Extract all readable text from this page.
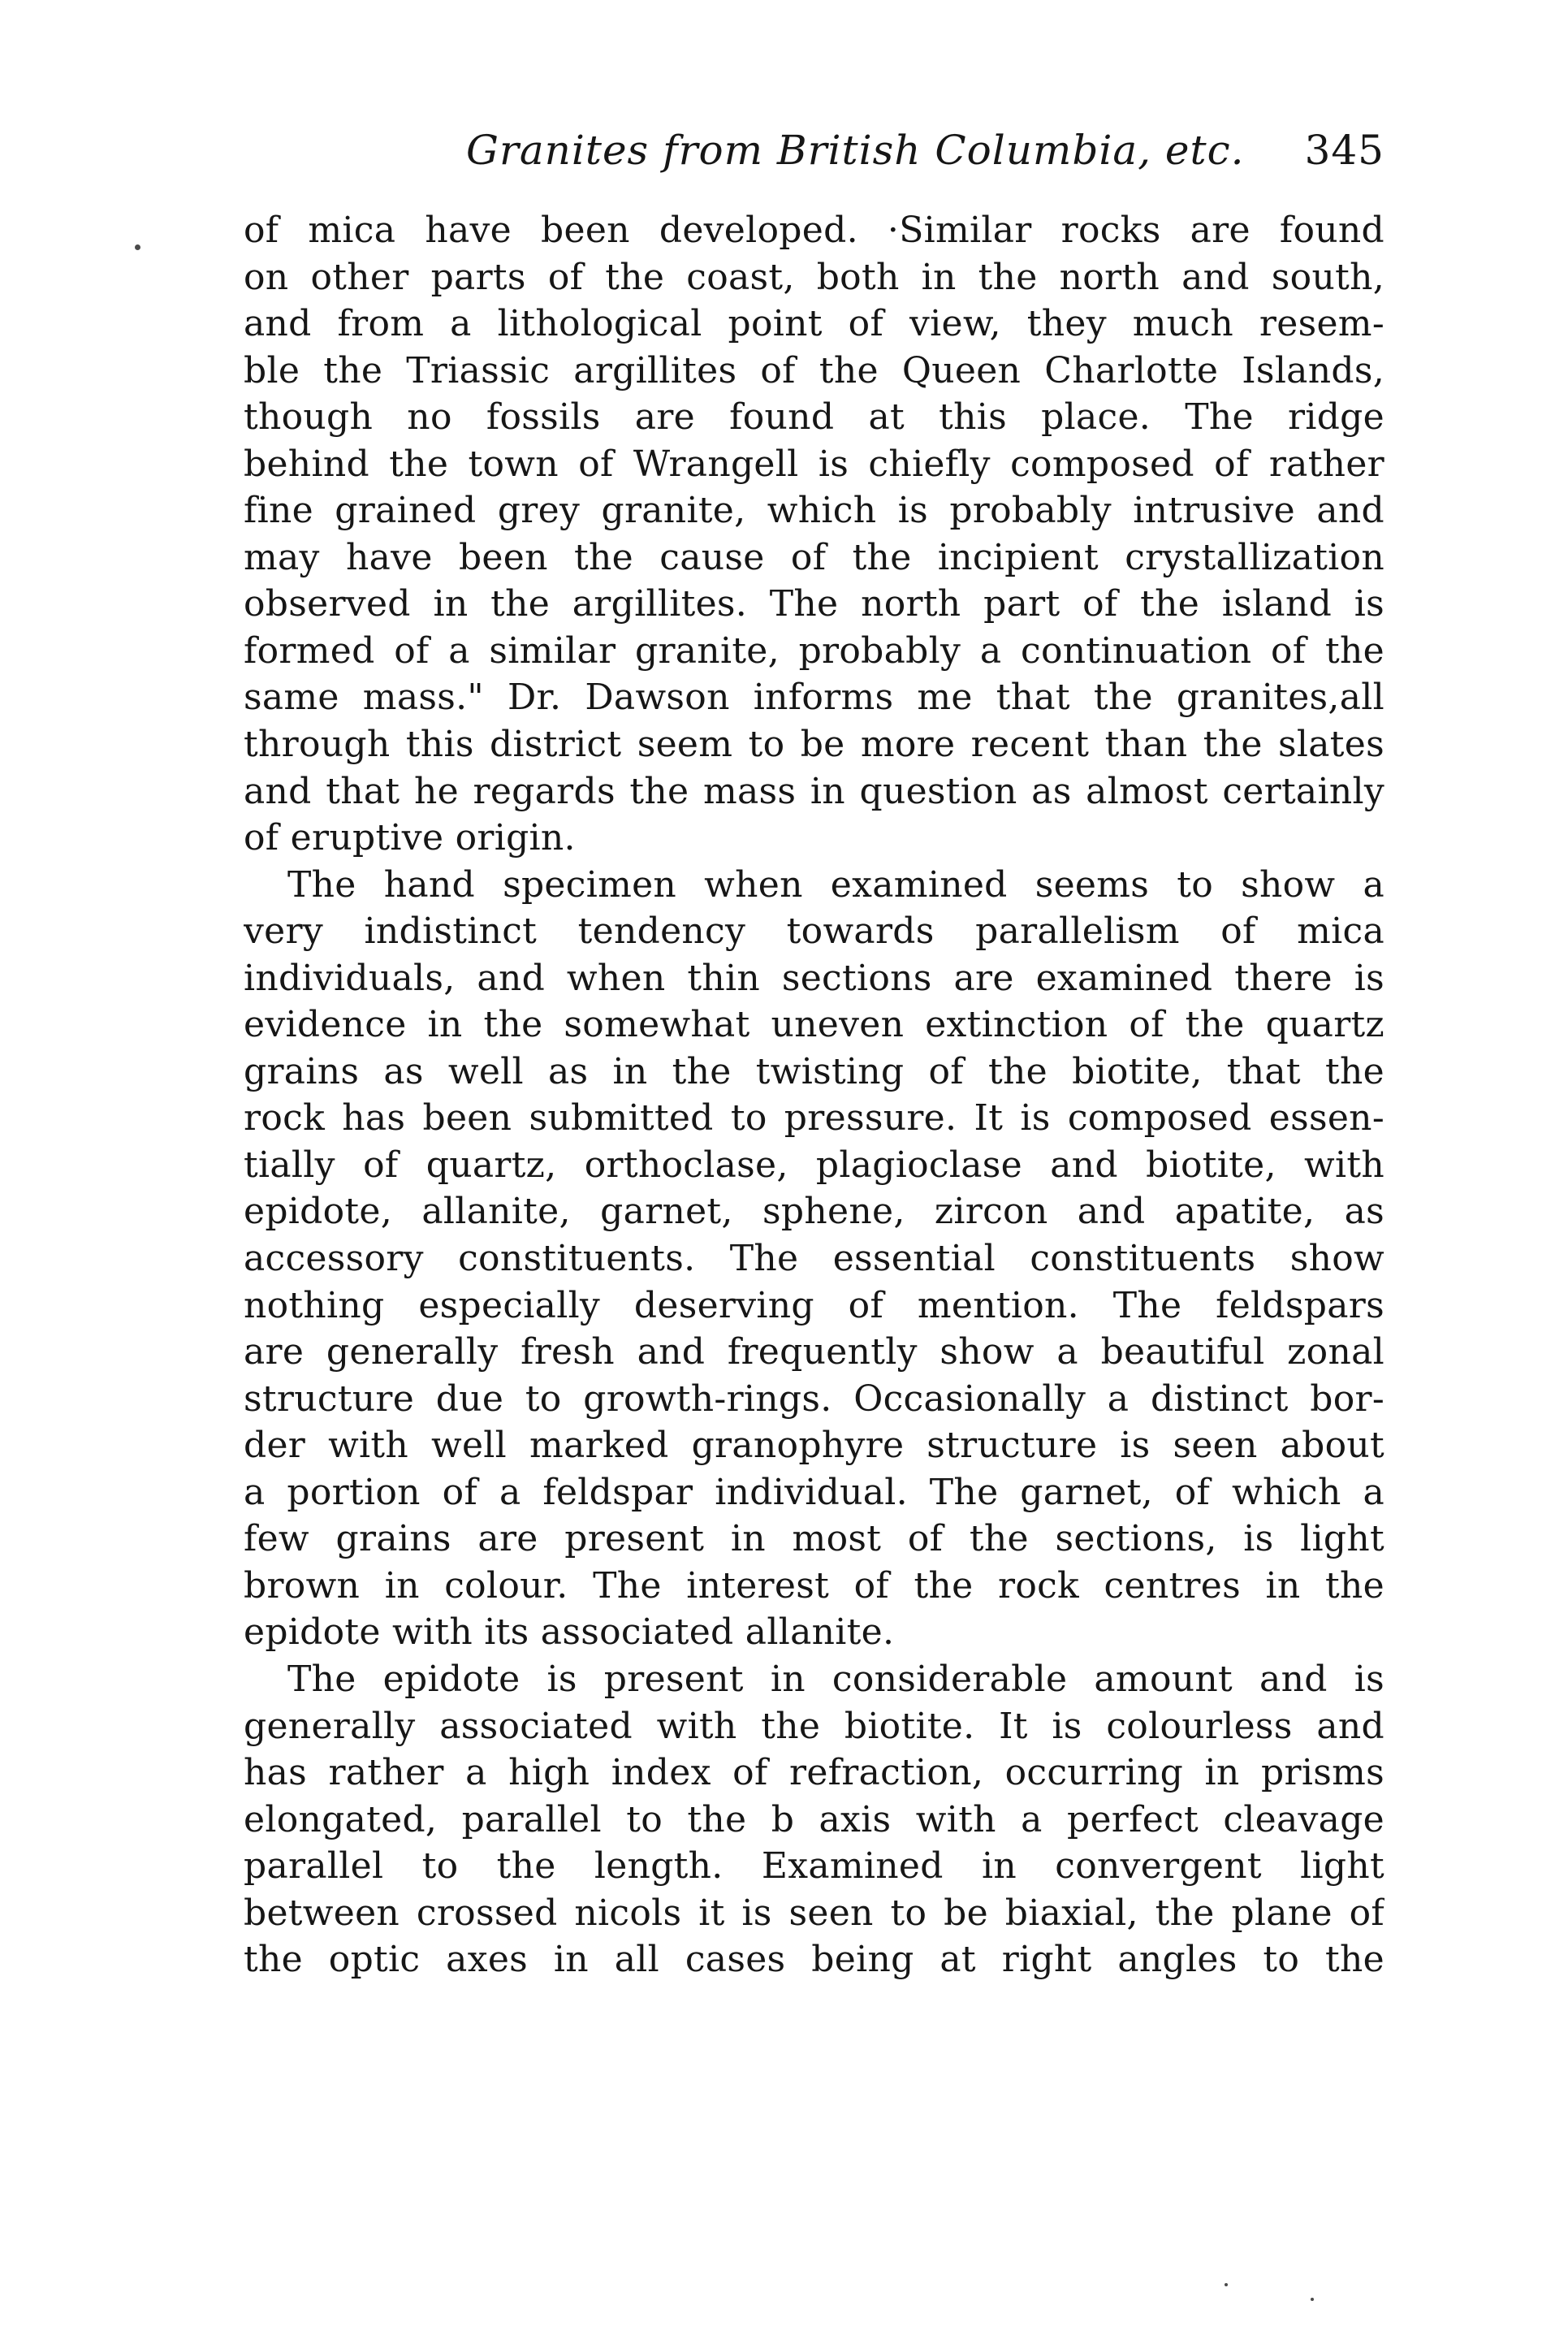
Granites from British Columbia, etc. 345
of mica have been developed. ·Similar rocks are found
on other parts of the coast, both in the north and south,
and from a lithological point of view, they much resem-
ble the Triassic argillites of the Queen Charlotte Islands,
though no fossils are found at this place. The ridge
behind the town of Wrangell is chiefly composed of rather
fine grained grey granite, which is probably intrusive and
may have been the cause of the incipient crystallization
observed in the argillites. The north part of the island is
formed of a similar granite, probably a continuation of the
same mass." Dr. Dawson informs me that the granites,all
through this district seem to be more recent than the slates
and that he regards the mass in question as almost certainly
of eruptive origin.
The hand specimen when examined seems to show a
very indistinct tendency towards parallelism of mica
individuals, and when thin sections are examined there is
evidence in the somewhat uneven extinction of the quartz
grains as well as in the twisting of the biotite, that the
rock has been submitted to pressure. It is composed essen-
tially of quartz, orthoclase, plagioclase and biotite, with
epidote, allanite, garnet, sphene, zircon and apatite, as
accessory constituents. The essential constituents show
nothing especially deserving of mention. The feldspars
are generally fresh and frequently show a beautiful zonal
structure due to growth-rings. Occasionally a distinct bor-
der with well marked granophyre structure is seen about
a portion of a feldspar individual. The garnet, of which a
few grains are present in most of the sections, is light
brown in colour. The interest of the rock centres in the
epidote with its associated allanite.
The epidote is present in considerable amount and is
generally associated with the biotite. It is colourless and
has rather a high index of refraction, occurring in prisms
elongated, parallel to the b axis with a perfect cleavage
parallel to the length. Examined in convergent light
between crossed nicols it is seen to be biaxial, the plane of
the optic axes in all cases being at right angles to the
